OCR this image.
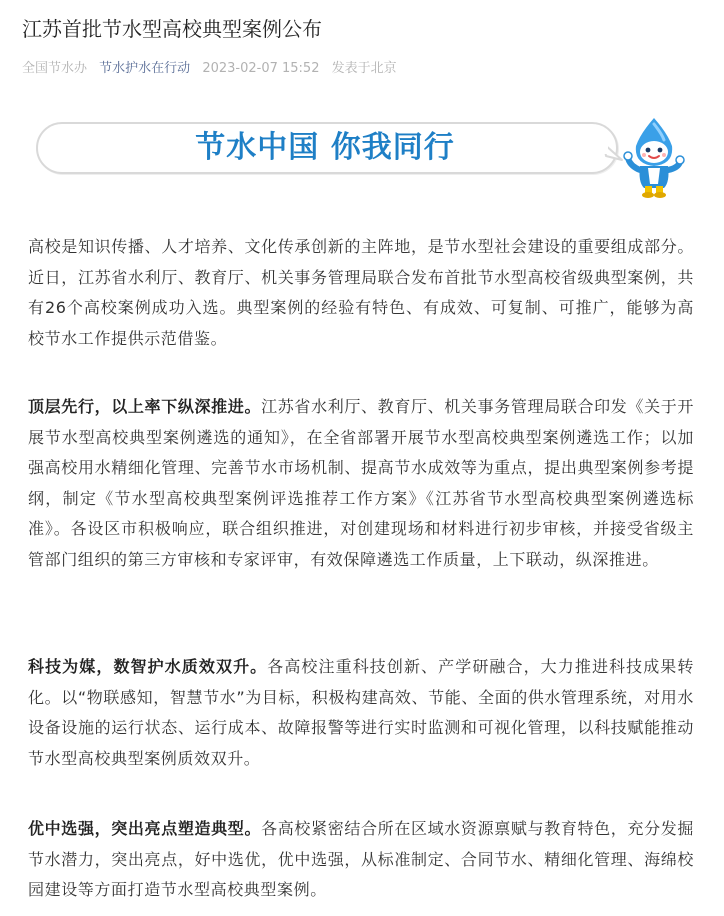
江苏首批节水型高校典型案例公布
全国节水办 节水护水在行动 2023-02-07 15:52 发表于北京
节水中国 你我同行

高校是知识传播、人才培养、文化传承创新的主阵地，是节水型社会建设的重要组成部分。近日，江苏省水利厅、教育厅、机关事务管理局联合发布首批节水型高校省级典型案例，共有26个高校案例成功入选。典型案例的经验有特色、有成效、可复制、可推广，能够为高校节水工作提供示范借鉴。

顶层先行，以上率下纵深推进。江苏省水利厅、教育厅、机关事务管理局联合印发《关于开展节水型高校典型案例遴选的通知》，在全省部署开展节水型高校典型案例遴选工作；以加强高校用水精细化管理、完善节水市场机制、提高节水成效等为重点，提出典型案例参考提纲，制定《节水型高校典型案例评选推荐工作方案》《江苏省节水型高校典型案例遴选标准》。各设区市积极响应，联合组织推进，对创建现场和材料进行初步审核，并接受省级主管部门组织的第三方审核和专家评审，有效保障遴选工作质量，上下联动，纵深推进。

科技为媒，数智护水质效双升。各高校注重科技创新、产学研融合，大力推进科技成果转化。以“物联感知，智慧节水”为目标，积极构建高效、节能、全面的供水管理系统，对用水设备设施的运行状态、运行成本、故障报警等进行实时监测和可视化管理，以科技赋能推动节水型高校典型案例质效双升。

优中选强，突出亮点塑造典型。各高校紧密结合所在区域水资源禀赋与教育特色，充分发掘节水潜力，突出亮点，好中选优，优中选强，从标准制定、合同节水、精细化管理、海绵校园建设等方面打造节水型高校典型案例。
